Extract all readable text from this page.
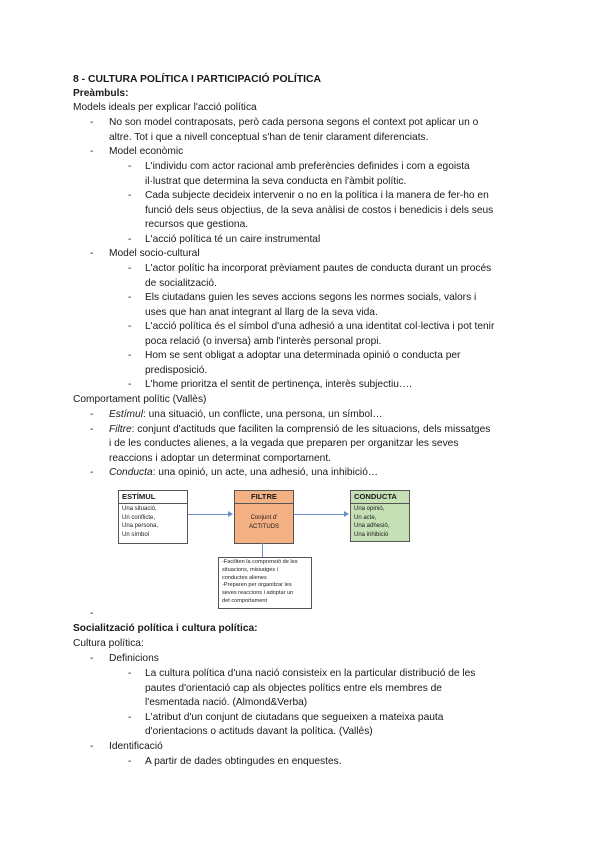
8 - CULTURA POLÍTICA I PARTICIPACIÓ POLÍTICA
Preàmbuls:
Models ideals per explicar l'acció política
-	No son model contraposats, però cada persona segons el context pot aplicar un o
altre. Tot i que a nivell conceptual s'han de tenir clarament diferenciats.
-	Model econòmic
-	L'individu com actor racional amb preferències definides i com a egoista
il·lustrat que determina la seva conducta en l'àmbit polític.
-	Cada subjecte decideix intervenir o no en la política i la manera de fer-ho en
funció dels seus objectius, de la seva anàlisi de costos i benedicis i dels seus
recursos que gestiona.
-	L'acció política té un caire instrumental
-	Model socio-cultural
-	L'actor polític ha incorporat prèviament pautes de conducta durant un procés
de socialització.
-	Els ciutadans guien les seves accions segons les normes socials, valors i
uses que han anat integrant al llarg de la seva vida.
-	L'acció política és el símbol d'una adhesió a una identitat col·lectiva i pot tenir
poca relació (o inversa) amb l'interès personal propi.
-	Hom se sent obligat a adoptar una determinada opinió o conducta per
predisposició.
-	L'home prioritza el sentit de pertinença, interès subjectiu….
Comportament polític (Vallès)
-	Estímul: una situació, un conflicte, una persona, un símbol…
-	Filtre: conjunt d'actituds que faciliten la comprensió de les situacions, dels missatges
i de les conductes alienes, a la vegada que preparen per organitzar les seves
reaccions i adoptar un determinat comportament.
-	Conducta: una opinió, un acte, una adhesió, una inhibició…
ESTÍMUL
Una situació,
Un conflicte,
Una persona,
Un símbol
FILTRE
Conjunt d'
ACTITUDS
CONDUCTA
Una opinió,
Un acte,
Una adhesió,
Una inhibició
-Faciliten la comprensió de les
situacions, missatges i
conductes alienes
-Preparen per organitzar les
seves reaccions i adoptar un
det comportament
-
Socialització política i cultura política:
Cultura política:
-	Definicions
-	La cultura política d'una nació consisteix en la particular distribució de les
pautes d'orientació cap als objectes polítics entre els membres de
l'esmentada nació. (Almond&Verba)
-	L'atribut d'un conjunt de ciutadans que segueixen a mateixa pauta
d'orientacions o actituds davant la política. (Vallès)
-	Identificació
-	A partir de dades obtingudes en enquestes.
